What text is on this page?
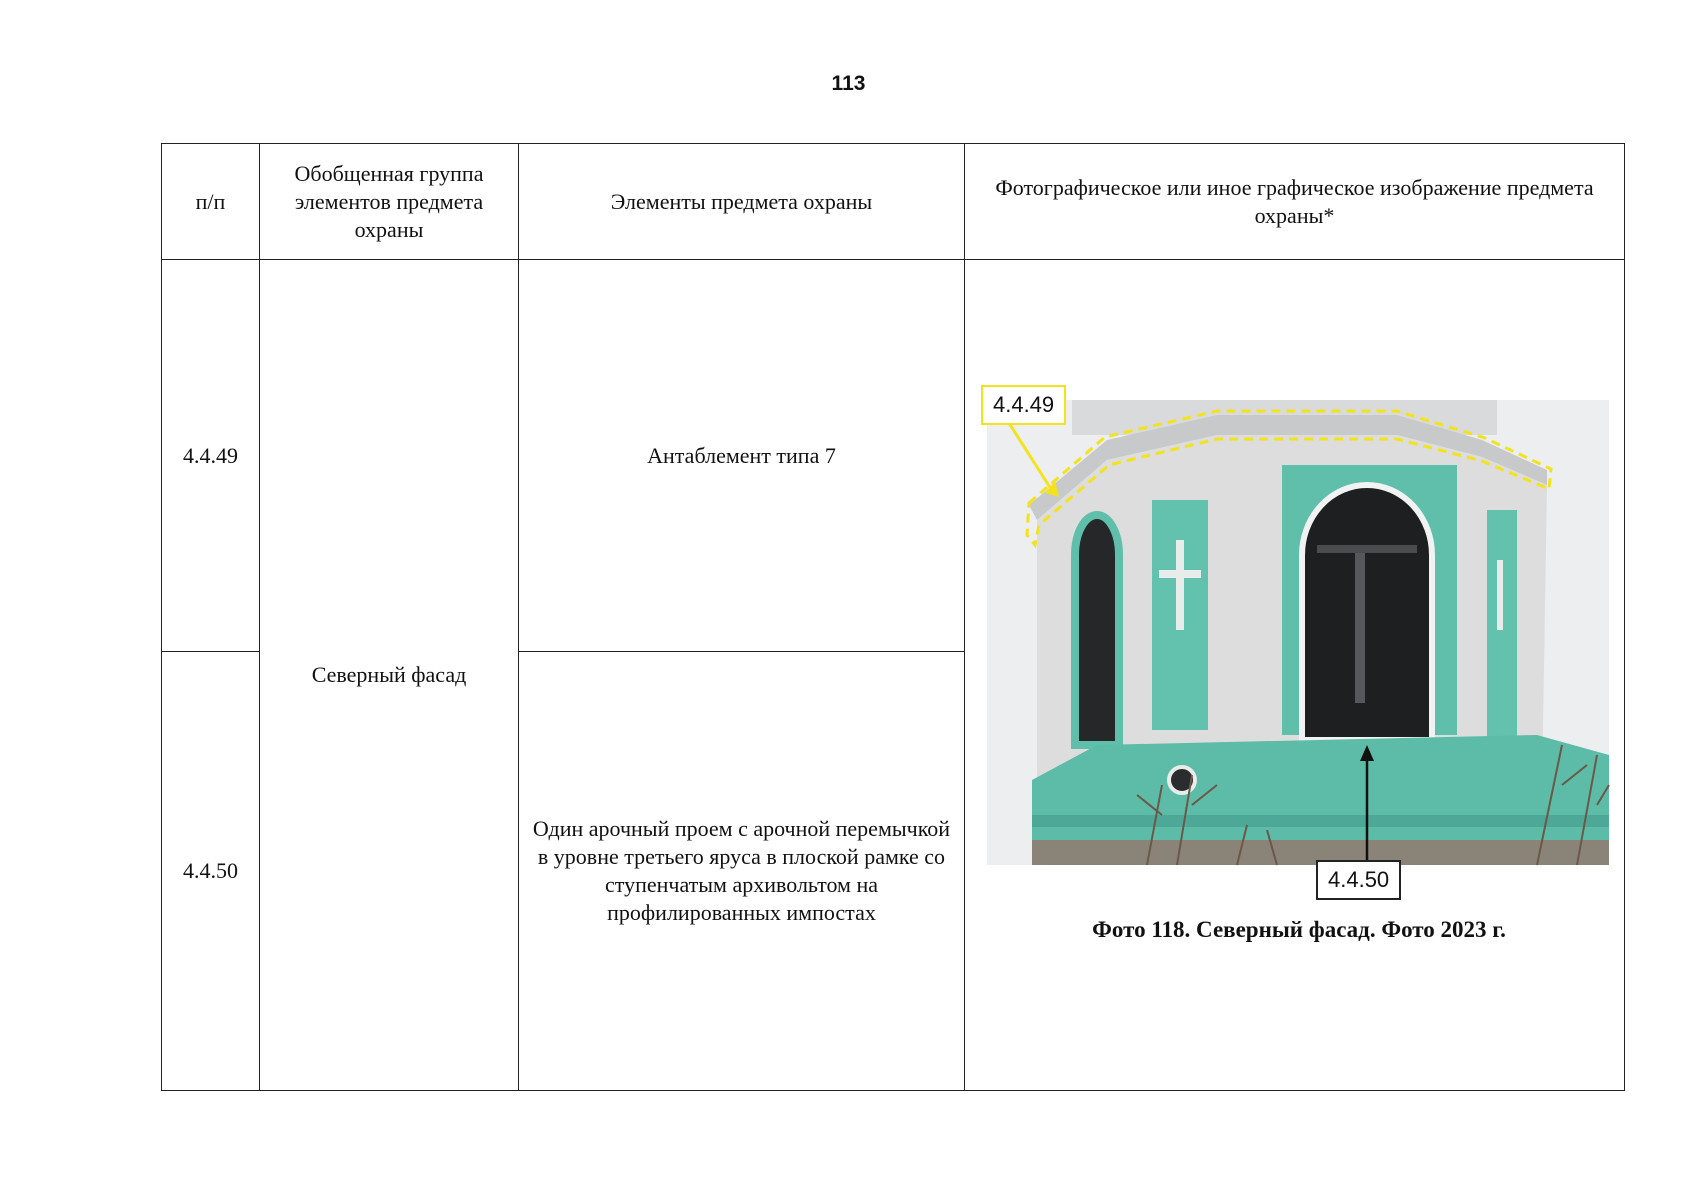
113
п/п	Обобщенная группа элементов предмета охраны	Элементы предмета охраны	Фотографическое или иное графическое изображение предмета охраны*
4.4.49	Северный фасад	Антаблемент типа 7	4.4.49
4.4.50
Фото 118. Северный фасад. Фото 2023 г.

4.4.50		Один арочный проем с арочной перемычкой в уровне третьего яруса в плоской рамке со ступенчатым архивольтом на профилированных импостах	
